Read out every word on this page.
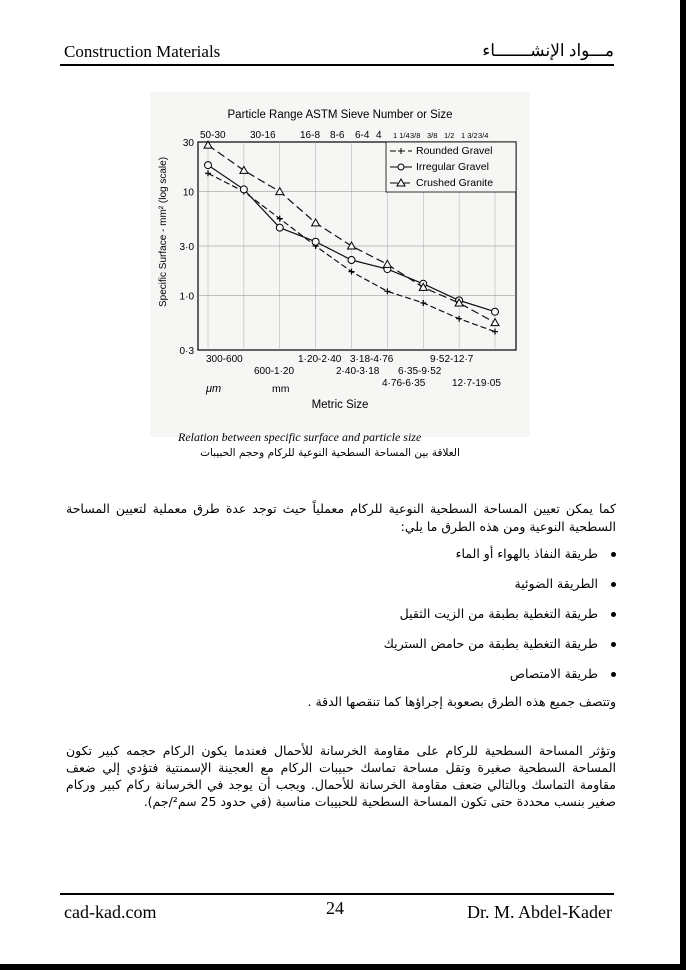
Construction Materials	مـــواد الإنشـــــــاء
Particle Range ASTM Sieve Number or Size
50-30 30-16 16-8 8-6 6-4 4 1 1/4 3/8 3/8 1/2 1 3/2 3/4
30
10
3·0
1·0
0·3
Specific Surface - mm² (log scale)
Rounded Gravel
Irregular Gravel
Crushed Granite
300-600	1·20-2·40 3·18-4·76	9·52-12·7
600-1·20	2·40-3·18 6·35-9·52
4·76-6·35	12·7-19·05
μm	mm
Metric Size
Relation between specific surface and particle size
العلاقة بين المساحة السطحية النوعية للركام وحجم الحبيبات
كما يمكن تعيين المساحة السطحية النوعية للركام معملياً حيث توجد عدة طرق معملية لتعيين المساحة السطحية النوعية ومن هذه الطرق ما يلي:
طريقة النفاذ بالهواء أو الماء
الطريقة الضوئية
طريقة التغطية بطبقة من الزيت الثقيل
طريقة التغطية بطبقة من حامض الستريك
طريقة الامتصاص
وتتصف جميع هذه الطرق بصعوبة إجراؤها كما تنقصها الدقة .
وتؤثر المساحة السطحية للركام على مقاومة الخرسانة للأحمال فعندما يكون الركام حجمه كبير تكون المساحة السطحية صغيرة وتقل مساحة تماسك حبيبات الركام مع العجينة الإسمنتية فتؤدي إلي ضعف مقاومة التماسك وبالتالي ضعف مقاومة الخرسانة للأحمال. ويجب أن يوجد في الخرسانة ركام كبير وركام صغير بنسب محددة حتى تكون المساحة السطحية للحبيبات مناسبة (في حدود 25 سم²/جم).
cad-kad.com	24	Dr. M. Abdel-Kader
